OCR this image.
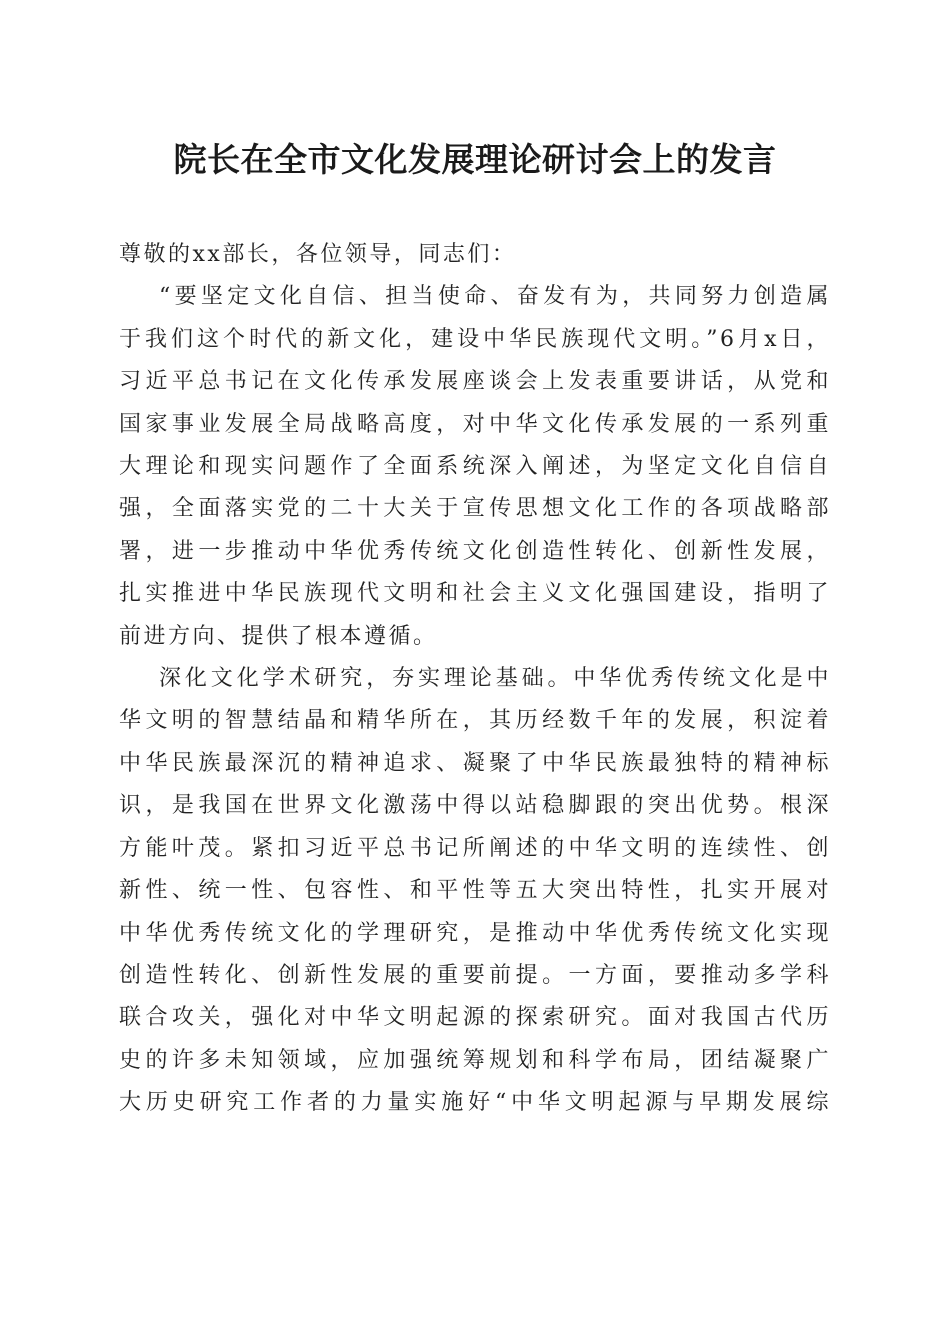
院长在全市文化发展理论研讨会上的发言
尊敬的xx部长，各位领导，同志们：
“要坚定文化自信、担当使命、奋发有为，共同努力创造属
于我们这个时代的新文化，建设中华民族现代文明。”6月x日，
习近平总书记在文化传承发展座谈会上发表重要讲话，从党和
国家事业发展全局战略高度，对中华文化传承发展的一系列重
大理论和现实问题作了全面系统深入阐述，为坚定文化自信自
强，全面落实党的二十大关于宣传思想文化工作的各项战略部
署，进一步推动中华优秀传统文化创造性转化、创新性发展，
扎实推进中华民族现代文明和社会主义文化强国建设，指明了
前进方向、提供了根本遵循。
深化文化学术研究，夯实理论基础。中华优秀传统文化是中
华文明的智慧结晶和精华所在，其历经数千年的发展，积淀着
中华民族最深沉的精神追求、凝聚了中华民族最独特的精神标
识，是我国在世界文化激荡中得以站稳脚跟的突出优势。根深
方能叶茂。紧扣习近平总书记所阐述的中华文明的连续性、创
新性、统一性、包容性、和平性等五大突出特性，扎实开展对
中华优秀传统文化的学理研究，是推动中华优秀传统文化实现
创造性转化、创新性发展的重要前提。一方面，要推动多学科
联合攻关，强化对中华文明起源的探索研究。面对我国古代历
史的许多未知领域，应加强统筹规划和科学布局，团结凝聚广
大历史研究工作者的力量实施好“中华文明起源与早期发展综
